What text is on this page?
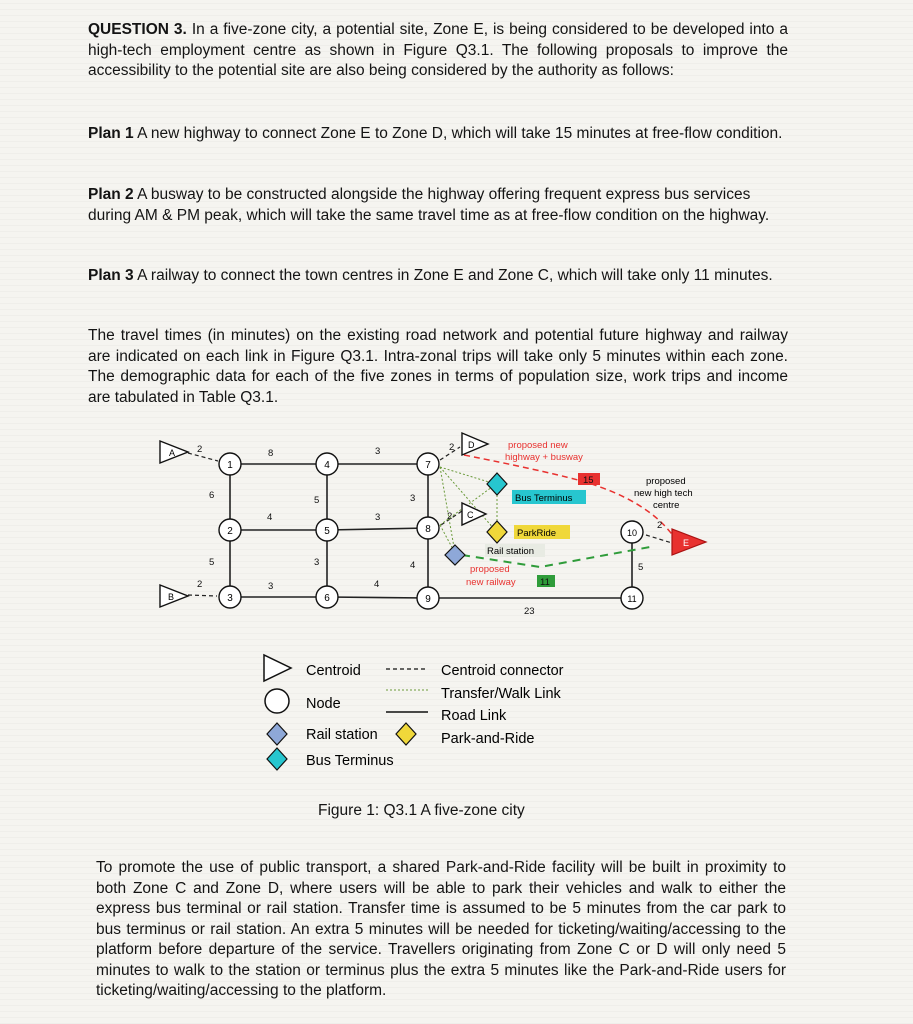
QUESTION 3. In a five-zone city, a potential site, Zone E, is being considered to be developed into a high-tech employment centre as shown in Figure Q3.1. The following proposals to improve the accessibility to the potential site are also being considered by the authority as follows:
Plan 1 A new highway to connect Zone E to Zone D, which will take 15 minutes at free-flow condition.
Plan 2 A busway to be constructed alongside the highway offering frequent express bus services during AM & PM peak, which will take the same travel time as at free-flow condition on the highway.
Plan 3 A railway to connect the town centres in Zone E and Zone C, which will take only 11 minutes.
The travel times (in minutes) on the existing road network and potential future highway and railway are indicated on each link in Figure Q3.1. Intra-zonal trips will take only 5 minutes within each zone. The demographic data for each of the five zones in terms of population size, work trips and income are tabulated in Table Q3.1.
1
2
3
4
5
6
7
8
9
10
11
A
B
C
D
E
Bus Terminus
ParkRide
Rail station
proposed new
highway + busway
15
proposed
new railway	11
proposed
new high tech
centre
2	8	3	2
6	5	3
4	3	2
5	3	4
2	3	4
23
5
2
Centroid
Node
Rail station
Bus Terminus
Centroid connector
Transfer/Walk Link
Road Link
Park-and-Ride
Figure 1: Q3.1 A five-zone city
To promote the use of public transport, a shared Park-and-Ride facility will be built in proximity to both Zone C and Zone D, where users will be able to park their vehicles and walk to either the express bus terminal or rail station. Transfer time is assumed to be 5 minutes from the car park to bus terminus or rail station. An extra 5 minutes will be needed for ticketing/waiting/accessing to the platform before departure of the service. Travellers originating from Zone C or D will only need 5 minutes to walk to the station or terminus plus the extra 5 minutes like the Park-and-Ride users for ticketing/waiting/accessing to the platform.
